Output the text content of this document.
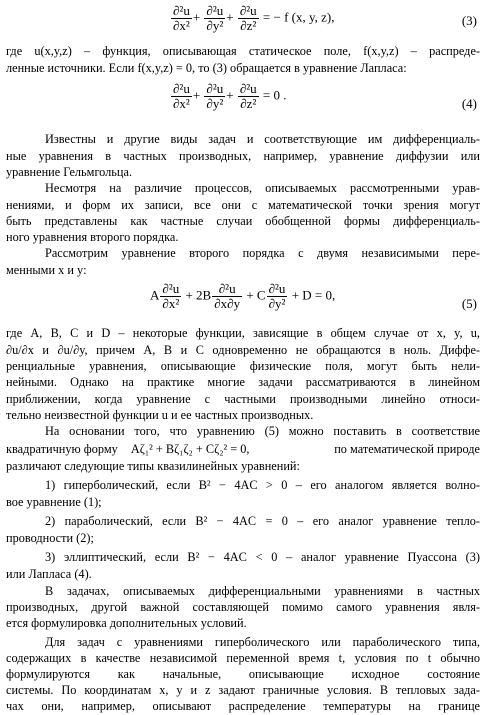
$\frac{\text{∂²u}}{\text{∂x²}} + \frac{\text{∂²u}}{\text{∂y²}} + \frac{\text{∂²u}}{\text{∂z²}}$ = − f (x, y, z),	(3)
где u(x,y,z) – функция, описывающая статическое поле, f(x,y,z) – распреде-
ленные источники. Если f(x,y,z) = 0, то (3) обращается в уравнение Лапласа:
$\frac{\text{∂²u}}{\text{∂x²}} + \frac{\text{∂²u}}{\text{∂y²}} + \frac{\text{∂²u}}{\text{∂z²}} = 0$ .
(4)
Известны и другие виды задач и соответствующие им дифференциаль-
ные уравнения в частных производных, например, уравнение диффузии или
уравнение Гельмгольца.
Несмотря на различие процессов, описываемых рассмотренными урав-
нениями, и форм их записи, все они с математической точки зрения могут
быть представлены как частные случаи обобщенной формы дифференциаль-
ного уравнения второго порядка.
Рассмотрим уравнение второго порядка с двумя независимыми пере-
менными x и y:
A $\frac{\text{∂²u}}{\text{∂x²}} + 2B \frac{\text{∂²u}}{\partial x\partial y} + C \frac{\text{∂²u}}{\text{∂y²}} + D = 0$,
(5)
где A, B, C и D – некоторые функции, зависящие в общем случае от x, y, u,
∂u/∂x и ∂u/∂y, причем A, B и C одновременно не обращаются в ноль. Диффе-
ренциальные уравнения, описывающие физические поля, могут быть нели-
нейными. Однако на практике многие задачи рассматриваются в линейном
приближении, когда уравнение с частными производными линейно относи-
тельно неизвестной функции u и ее частных производных.
На основании того, что уравнению (5) можно поставить в соответствие
квадратичную форму Aζ₁² + Bζ₁ζ₂ + Cζ₂² = 0,	по математической природе
различают следующие типы квазилинейных уравнений:
1) гиперболический, если B² − 4AC > 0 – его аналогом является волно-
вое уравнение (1);
2) параболический, если B² − 4AC = 0 – его аналог уравнение тепло-
проводности (2);
3) эллиптический, если B² − 4AC < 0 – аналог уравнение Пуассона (3)
или Лапласа (4).
В задачах, описываемых дифференциальными уравнениями в частных
производных, другой важной составляющей помимо самого уравнения явля-
ется формулировка дополнительных условий.
Для задач с уравнениями гиперболического или параболического типа,
содержащих в качестве независимой переменной время t, условия по t обычно
формулируются как начальные, описывающие исходное состояние
системы. По координатам x, y и z задают граничные условия. В тепловых зада-
чах они, например, описывают распределение температуры на границе
